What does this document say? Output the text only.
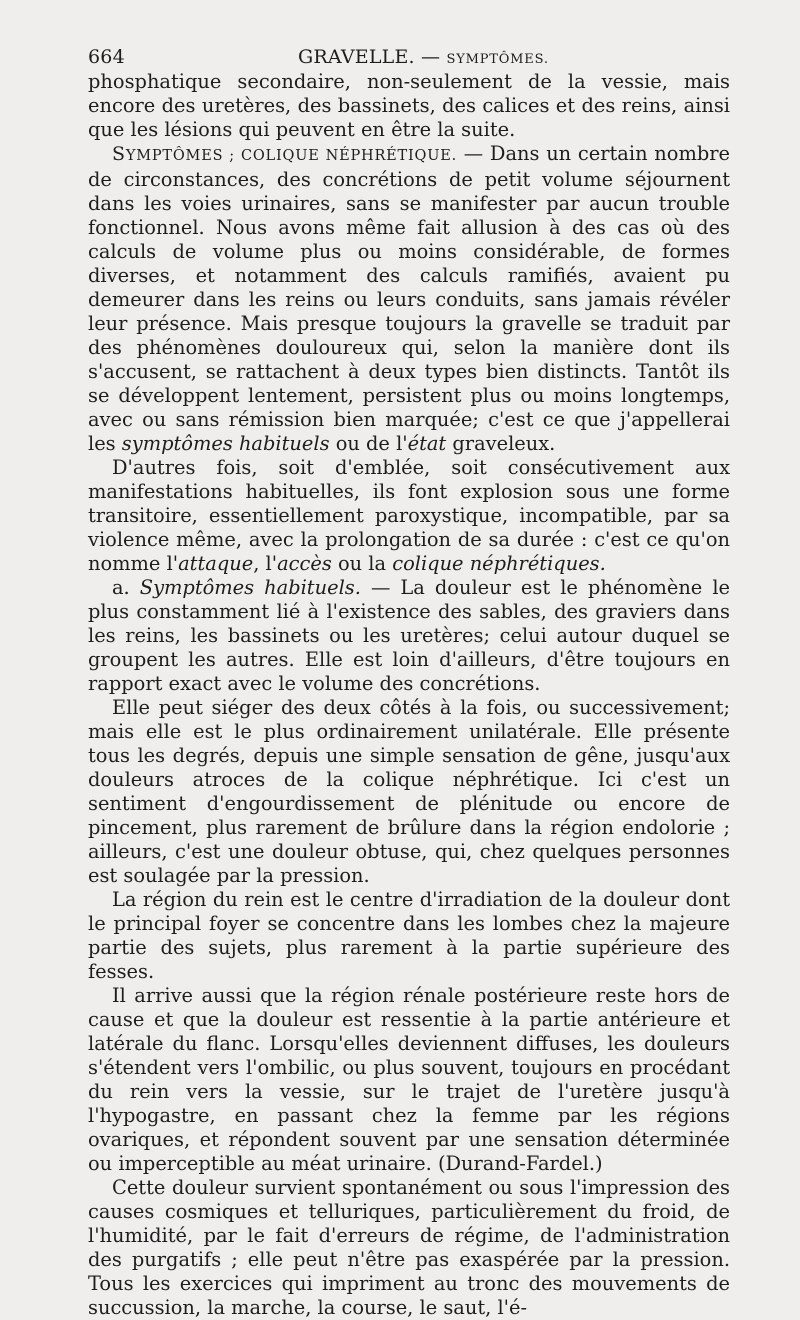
664	GRAVELLE. — SYMPTÔMES.

phosphatique secondaire, non-seulement de la vessie, mais encore des uretères, des bassinets, des calices et des reins, ainsi que les lésions qui peuvent en être la suite.

SYMPTÔMES ; COLIQUE NÉPHRÉTIQUE. — Dans un certain nombre de circonstances, des concrétions de petit volume séjournent dans les voies urinaires, sans se manifester par aucun trouble fonctionnel. Nous avons même fait allusion à des cas où des calculs de volume plus ou moins considérable, de formes diverses, et notamment des calculs ramifiés, avaient pu demeurer dans les reins ou leurs conduits, sans jamais révéler leur présence. Mais presque toujours la gravelle se traduit par des phénomènes douloureux qui, selon la manière dont ils s'accusent, se rattachent à deux types bien distincts. Tantôt ils se développent lentement, persistent plus ou moins longtemps, avec ou sans rémission bien marquée; c'est ce que j'appellerai les symptômes habituels ou de l'état graveleux.

D'autres fois, soit d'emblée, soit consécutivement aux manifestations habituelles, ils font explosion sous une forme transitoire, essentiellement paroxystique, incompatible, par sa violence même, avec la prolongation de sa durée : c'est ce qu'on nomme l'attaque, l'accès ou la colique néphrétiques.

a. Symptômes habituels. — La douleur est le phénomène le plus constamment lié à l'existence des sables, des graviers dans les reins, les bassinets ou les uretères; celui autour duquel se groupent les autres. Elle est loin d'ailleurs, d'être toujours en rapport exact avec le volume des concrétions.

Elle peut siéger des deux côtés à la fois, ou successivement; mais elle est le plus ordinairement unilatérale. Elle présente tous les degrés, depuis une simple sensation de gêne, jusqu'aux douleurs atroces de la colique néphrétique. Ici c'est un sentiment d'engourdissement de plénitude ou encore de pincement, plus rarement de brûlure dans la région endolorie ; ailleurs, c'est une douleur obtuse, qui, chez quelques personnes est soulagée par la pression.

La région du rein est le centre d'irradiation de la douleur dont le principal foyer se concentre dans les lombes chez la majeure partie des sujets, plus rarement à la partie supérieure des fesses.

Il arrive aussi que la région rénale postérieure reste hors de cause et que la douleur est ressentie à la partie antérieure et latérale du flanc. Lorsqu'elles deviennent diffuses, les douleurs s'étendent vers l'ombilic, ou plus souvent, toujours en procédant du rein vers la vessie, sur le trajet de l'uretère jusqu'à l'hypogastre, en passant chez la femme par les régions ovariques, et répondent souvent par une sensation déterminée ou imperceptible au méat urinaire. (Durand-Fardel.)

Cette douleur survient spontanément ou sous l'impression des causes cosmiques et telluriques, particulièrement du froid, de l'humidité, par le fait d'erreurs de régime, de l'administration des purgatifs ; elle peut n'être pas exaspérée par la pression. Tous les exercices qui impriment au tronc des mouvements de succussion, la marche, la course, le saut, l'é-
